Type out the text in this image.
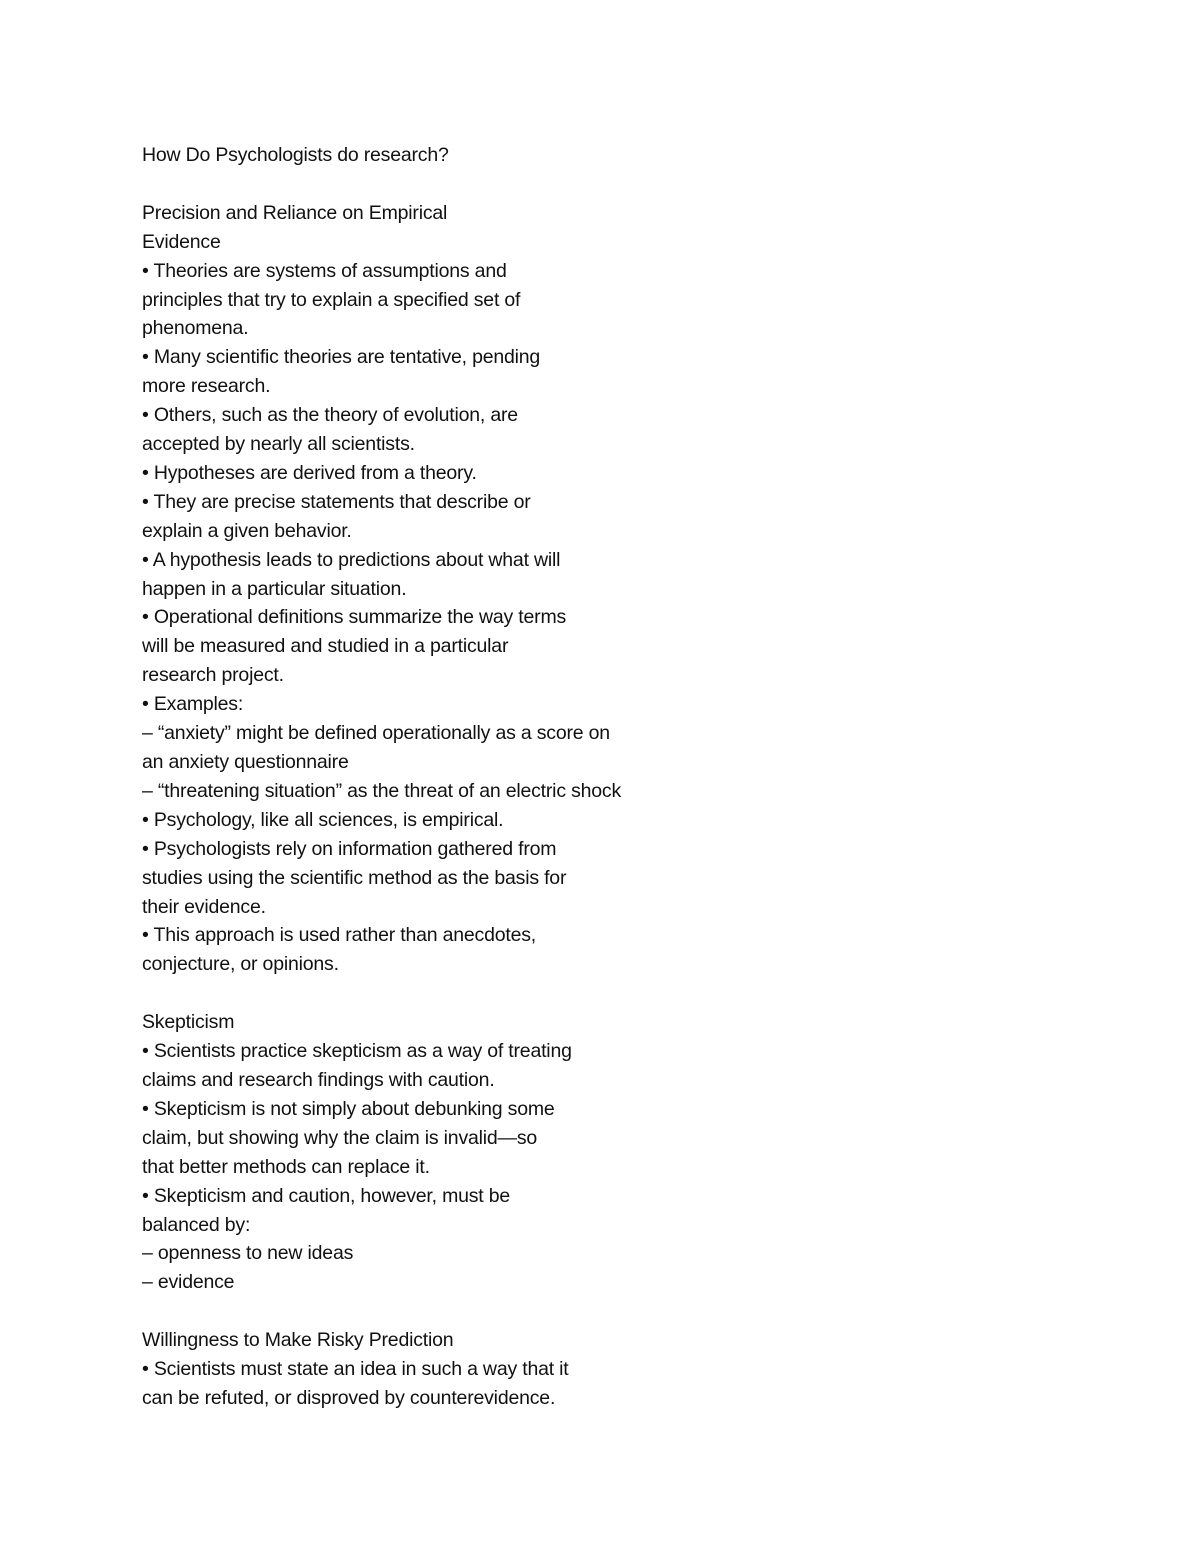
How Do Psychologists do research?
Precision and Reliance on Empirical
Evidence
• Theories are systems of assumptions and
principles that try to explain a specified set of
phenomena.
• Many scientific theories are tentative, pending
more research.
• Others, such as the theory of evolution, are
accepted by nearly all scientists.
• Hypotheses are derived from a theory.
• They are precise statements that describe or
explain a given behavior.
• A hypothesis leads to predictions about what will
happen in a particular situation.
• Operational definitions summarize the way terms
will be measured and studied in a particular
research project.
• Examples:
– “anxiety” might be defined operationally as a score on
an anxiety questionnaire
– “threatening situation” as the threat of an electric shock
• Psychology, like all sciences, is empirical.
• Psychologists rely on information gathered from
studies using the scientific method as the basis for
their evidence.
• This approach is used rather than anecdotes,
conjecture, or opinions.
Skepticism
• Scientists practice skepticism as a way of treating
claims and research findings with caution.
• Skepticism is not simply about debunking some
claim, but showing why the claim is invalid—so
that better methods can replace it.
• Skepticism and caution, however, must be
balanced by:
– openness to new ideas
– evidence
Willingness to Make Risky Prediction
• Scientists must state an idea in such a way that it
can be refuted, or disproved by counterevidence.
